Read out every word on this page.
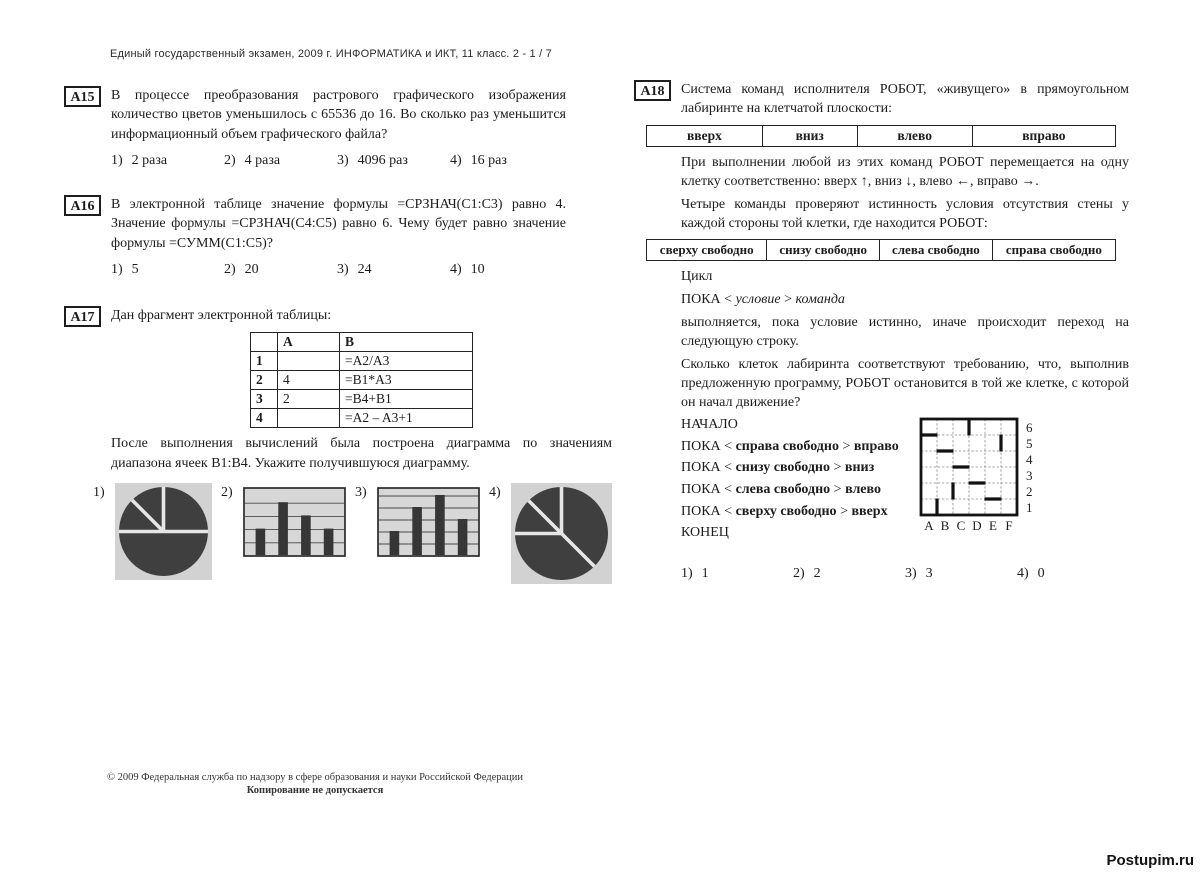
Единый государственный экзамен, 2009 г. ИНФОРМАТИКА и ИКТ, 11 класс. 2 - 1 / 7
А15	В процессе преобразования растрового графического изображения количество цветов уменьшилось с 65536 до 16. Во сколько раз уменьшится информационный объем графического файла?
1) 2 раза	2) 4 раза	3) 4096 раз	4) 16 раз
А16	В электронной таблице значение формулы =СРЗНАЧ(C1:C3) равно 4. Значение формулы =СРЗНАЧ(C4:C5) равно 6. Чему будет равно значение формулы =СУММ(C1:C5)?
1) 5	2) 20	3) 24	4) 10
А17	Дан фрагмент электронной таблицы:
	A	B
1		=A2/A3
2	4	=B1*A3
3	2	=B4+B1
4		=A2 – A3+1
После выполнения вычислений была построена диаграмма по значениям диапазона ячеек B1:B4. Укажите получившуюся диаграмму.
1)	2)	3)	4)
© 2009 Федеральная служба по надзору в сфере образования и науки Российской Федерации
Копирование не допускается
А18	Система команд исполнителя РОБОТ, «живущего» в прямоугольном лабиринте на клетчатой плоскости:
вверх	вниз	влево	вправо
При выполнении любой из этих команд РОБОТ перемещается на одну клетку соответственно: вверх ↑, вниз ↓, влево ←, вправо →.
Четыре команды проверяют истинность условия отсутствия стены у каждой стороны той клетки, где находится РОБОТ:
сверху свободно	снизу свободно	слева свободно	справа свободно
Цикл
ПОКА < условие > команда
выполняется, пока условие истинно, иначе происходит переход на следующую строку.
Сколько клеток лабиринта соответствуют требованию, что, выполнив предложенную программу, РОБОТ остановится в той же клетке, с которой он начал движение?
НАЧАЛО
ПОКА < справа свободно > вправо
ПОКА < снизу свободно > вниз
ПОКА < слева свободно > влево
ПОКА < сверху свободно > вверх
КОНЕЦ	A B C D E F
6
5
4
3
2
1
1) 1	2) 2	3) 3	4) 0
Postupim.ru
